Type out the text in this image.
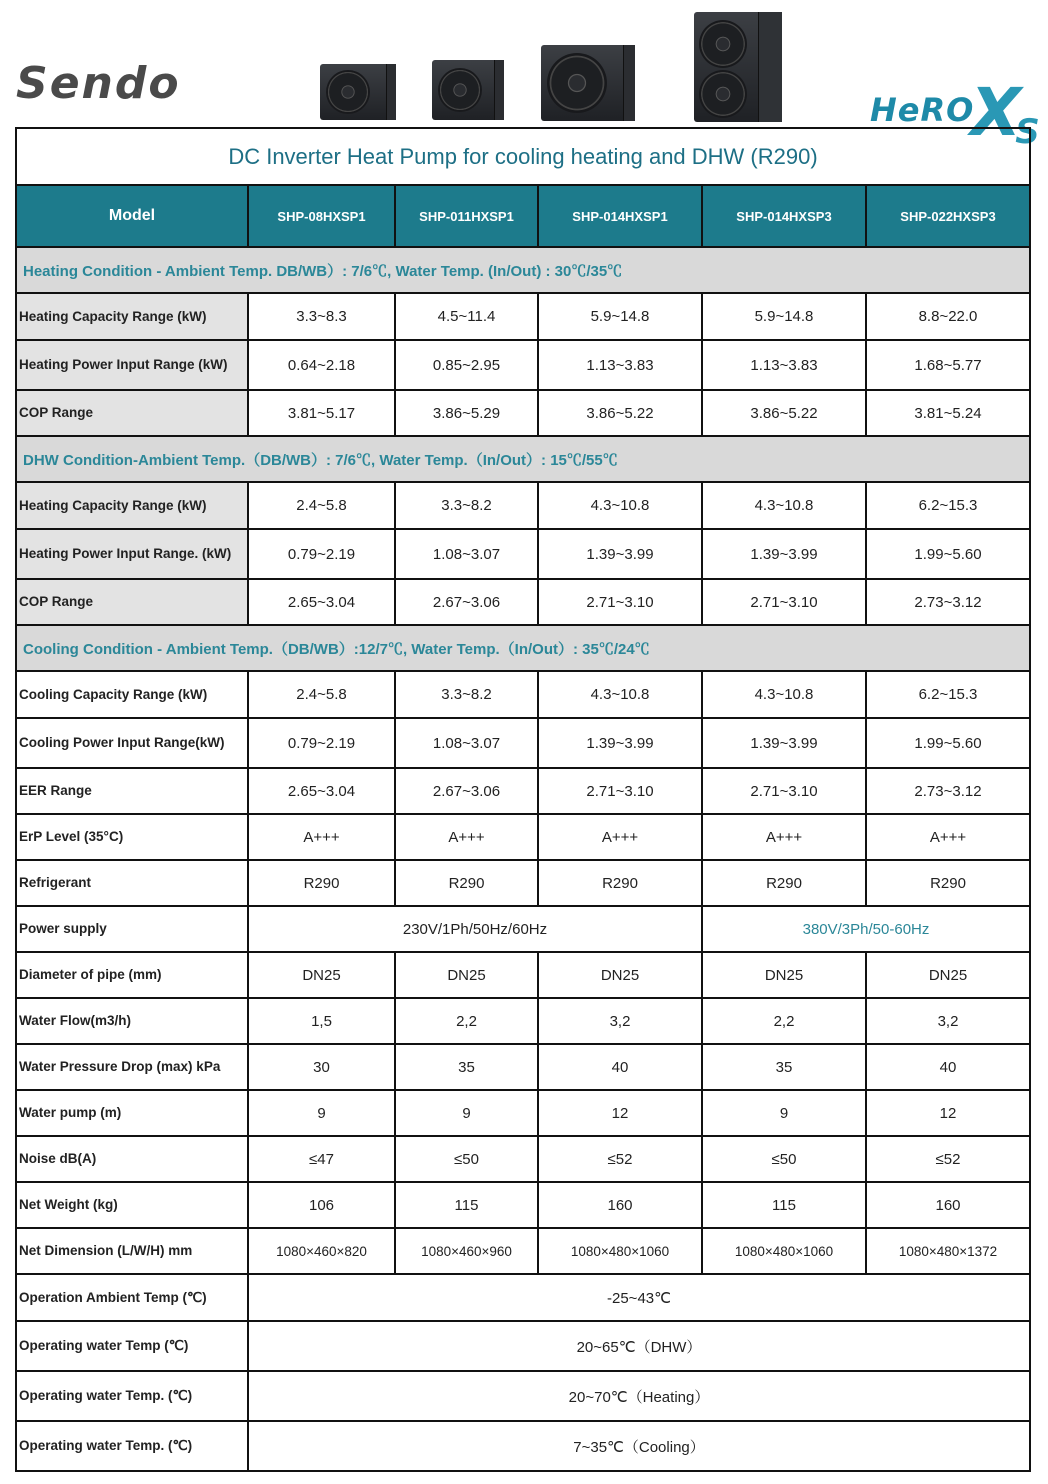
Sendo
HeROXS
DC Inverter Heat Pump for cooling heating and DHW (R290)					
Model	SHP-08HXSP1	SHP-011HXSP1	SHP-014HXSP1	SHP-014HXSP3	SHP-022HXSP3
Heating Condition - Ambient Temp. DB/WB）: 7/6℃, Water Temp. (In/Out) : 30℃/35℃					
Heating Capacity Range (kW)	3.3~8.3	4.5~11.4	5.9~14.8	5.9~14.8	8.8~22.0
Heating Power Input Range (kW)	0.64~2.18	0.85~2.95	1.13~3.83	1.13~3.83	1.68~5.77
COP Range	3.81~5.17	3.86~5.29	3.86~5.22	3.86~5.22	3.81~5.24
DHW Condition-Ambient Temp.（DB/WB）: 7/6℃, Water Temp.（In/Out）: 15℃/55℃					
Heating Capacity Range (kW)	2.4~5.8	3.3~8.2	4.3~10.8	4.3~10.8	6.2~15.3
Heating Power Input Range. (kW)	0.79~2.19	1.08~3.07	1.39~3.99	1.39~3.99	1.99~5.60
COP Range	2.65~3.04	2.67~3.06	2.71~3.10	2.71~3.10	2.73~3.12
Cooling Condition - Ambient Temp.（DB/WB）:12/7℃, Water Temp.（In/Out）: 35℃/24℃					
Cooling Capacity Range (kW)	2.4~5.8	3.3~8.2	4.3~10.8	4.3~10.8	6.2~15.3
Cooling Power Input Range(kW)	0.79~2.19	1.08~3.07	1.39~3.99	1.39~3.99	1.99~5.60
EER Range	2.65~3.04	2.67~3.06	2.71~3.10	2.71~3.10	2.73~3.12
ErP Level (35°C)	A+++	A+++	A+++	A+++	A+++
Refrigerant	R290	R290	R290	R290	R290
Power supply	230V/1Ph/50Hz/60Hz			380V/3Ph/50-60Hz	
Diameter of pipe (mm)	DN25	DN25	DN25	DN25	DN25
Water Flow(m3/h)	1,5	2,2	3,2	2,2	3,2
Water Pressure Drop (max) kPa	30	35	40	35	40
Water pump (m)	9	9	12	9	12
Noise dB(A)	≤47	≤50	≤52	≤50	≤52
Net Weight (kg)	106	115	160	115	160
Net Dimension (L/W/H) mm	1080×460×820	1080×460×960	1080×480×1060	1080×480×1060	1080×480×1372
Operation Ambient Temp (℃)	-25~43℃				
Operating water Temp (℃)	20~65℃（DHW）				
Operating water Temp. (℃)	20~70℃（Heating）				
Operating water Temp. (℃)	7~35℃（Cooling）				
